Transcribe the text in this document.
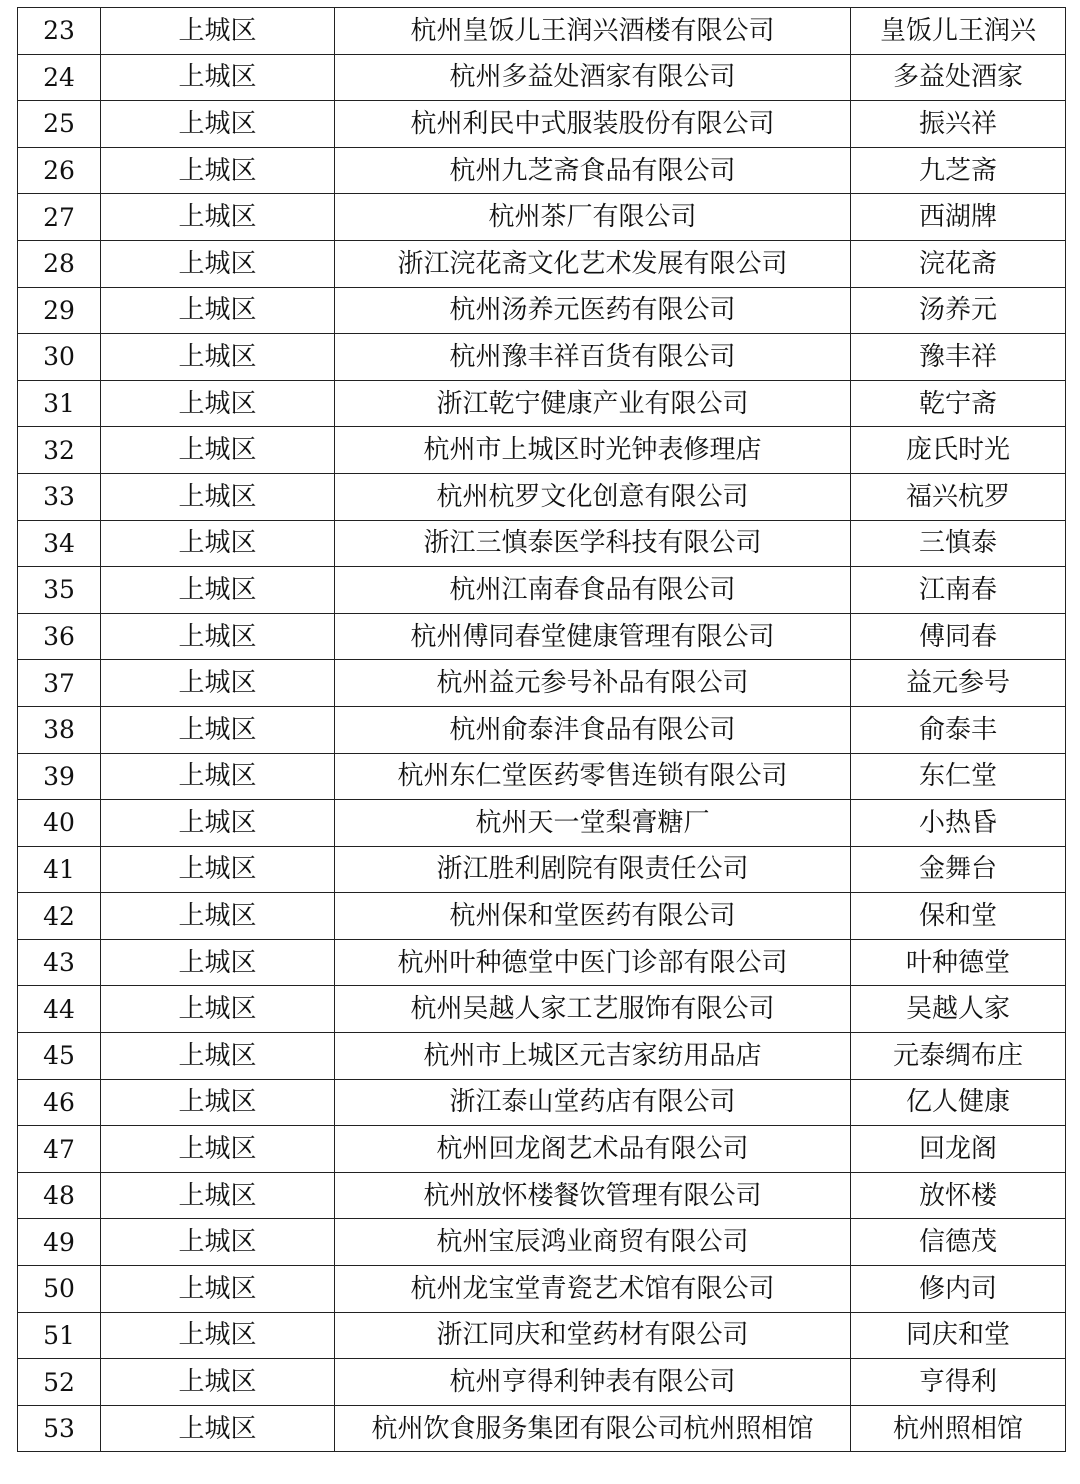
23	上城区	杭州皇饭儿王润兴酒楼有限公司	皇饭儿王润兴
24	上城区	杭州多益处酒家有限公司	多益处酒家
25	上城区	杭州利民中式服装股份有限公司	振兴祥
26	上城区	杭州九芝斋食品有限公司	九芝斋
27	上城区	杭州茶厂有限公司	西湖牌
28	上城区	浙江浣花斋文化艺术发展有限公司	浣花斋
29	上城区	杭州汤养元医药有限公司	汤养元
30	上城区	杭州豫丰祥百货有限公司	豫丰祥
31	上城区	浙江乾宁健康产业有限公司	乾宁斋
32	上城区	杭州市上城区时光钟表修理店	庞氏时光
33	上城区	杭州杭罗文化创意有限公司	福兴杭罗
34	上城区	浙江三慎泰医学科技有限公司	三慎泰
35	上城区	杭州江南春食品有限公司	江南春
36	上城区	杭州傅同春堂健康管理有限公司	傅同春
37	上城区	杭州益元参号补品有限公司	益元参号
38	上城区	杭州俞泰沣食品有限公司	俞泰丰
39	上城区	杭州东仁堂医药零售连锁有限公司	东仁堂
40	上城区	杭州天一堂梨膏糖厂	小热昏
41	上城区	浙江胜利剧院有限责任公司	金舞台
42	上城区	杭州保和堂医药有限公司	保和堂
43	上城区	杭州叶种德堂中医门诊部有限公司	叶种德堂
44	上城区	杭州吴越人家工艺服饰有限公司	吴越人家
45	上城区	杭州市上城区元吉家纺用品店	元泰绸布庄
46	上城区	浙江泰山堂药店有限公司	亿人健康
47	上城区	杭州回龙阁艺术品有限公司	回龙阁
48	上城区	杭州放怀楼餐饮管理有限公司	放怀楼
49	上城区	杭州宝辰鸿业商贸有限公司	信德茂
50	上城区	杭州龙宝堂青瓷艺术馆有限公司	修内司
51	上城区	浙江同庆和堂药材有限公司	同庆和堂
52	上城区	杭州亨得利钟表有限公司	亨得利
53	上城区	杭州饮食服务集团有限公司杭州照相馆	杭州照相馆
